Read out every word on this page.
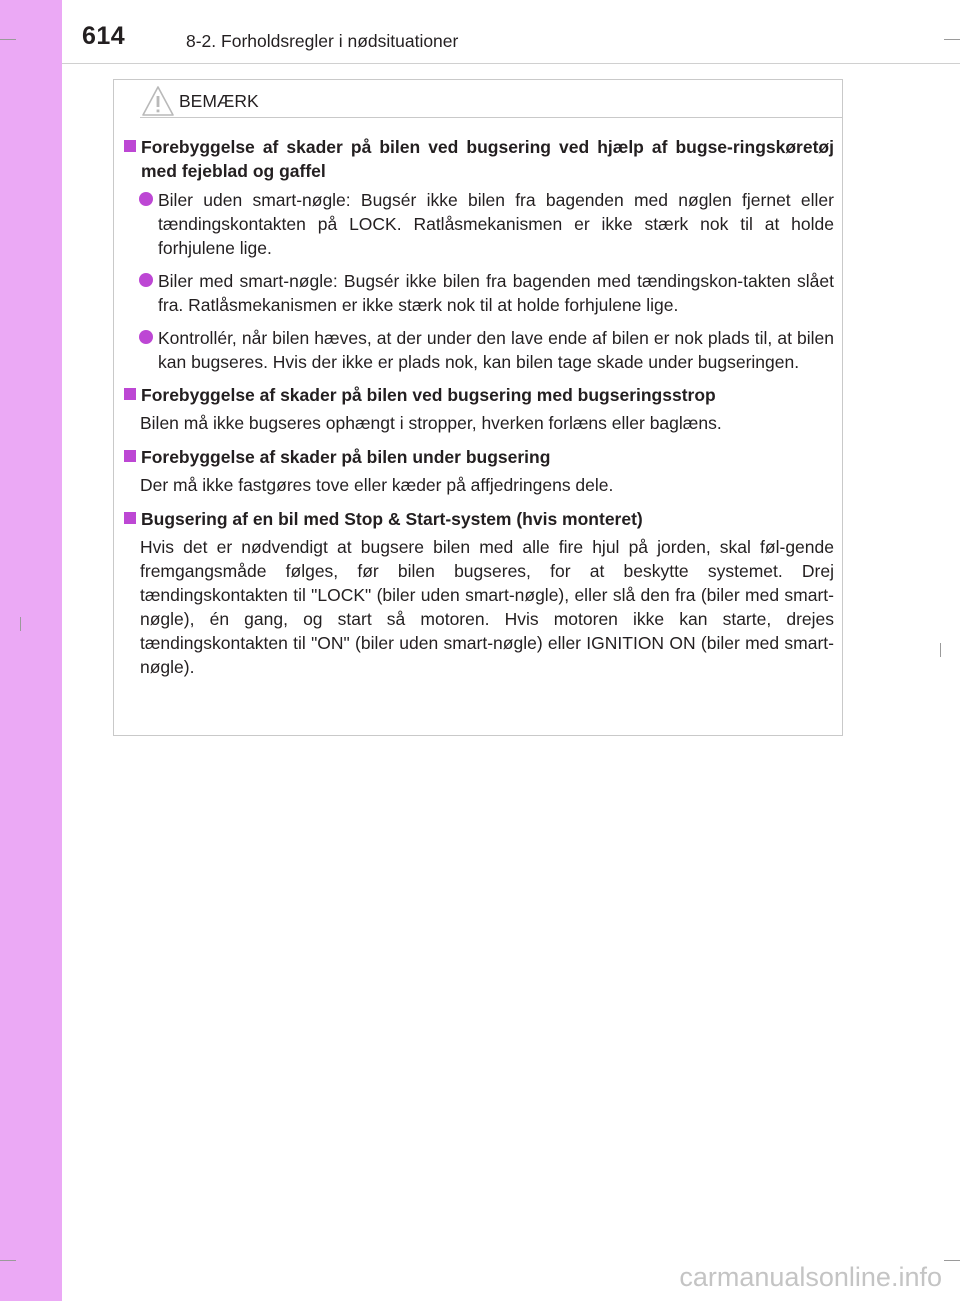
614	8-2. Forholdsregler i nødsituationer
BEMÆRK
Forebyggelse af skader på bilen ved bugsering ved hjælp af bugse-ringskøretøj med fejeblad og gaffel
Biler uden smart-nøgle: Bugsér ikke bilen fra bagenden med nøglen fjernet eller tændingskontakten på LOCK. Ratlåsmekanismen er ikke stærk nok til at holde forhjulene lige.
Biler med smart-nøgle: Bugsér ikke bilen fra bagenden med tændingskon-takten slået fra. Ratlåsmekanismen er ikke stærk nok til at holde forhjulene lige.
Kontrollér, når bilen hæves, at der under den lave ende af bilen er nok plads til, at bilen kan bugseres. Hvis der ikke er plads nok, kan bilen tage skade under bugseringen.
Forebyggelse af skader på bilen ved bugsering med bugseringsstrop
Bilen må ikke bugseres ophængt i stropper, hverken forlæns eller baglæns.
Forebyggelse af skader på bilen under bugsering
Der må ikke fastgøres tove eller kæder på affjedringens dele.
Bugsering af en bil med Stop & Start-system (hvis monteret)
Hvis det er nødvendigt at bugsere bilen med alle fire hjul på jorden, skal føl-gende fremgangsmåde følges, før bilen bugseres, for at beskytte systemet. Drej tændingskontakten til "LOCK" (biler uden smart-nøgle), eller slå den fra (biler med smart-nøgle), én gang, og start så motoren. Hvis motoren ikke kan starte, drejes tændingskontakten til "ON" (biler uden smart-nøgle) eller IGNITION ON (biler med smart-nøgle).
carmanualsonline.info
